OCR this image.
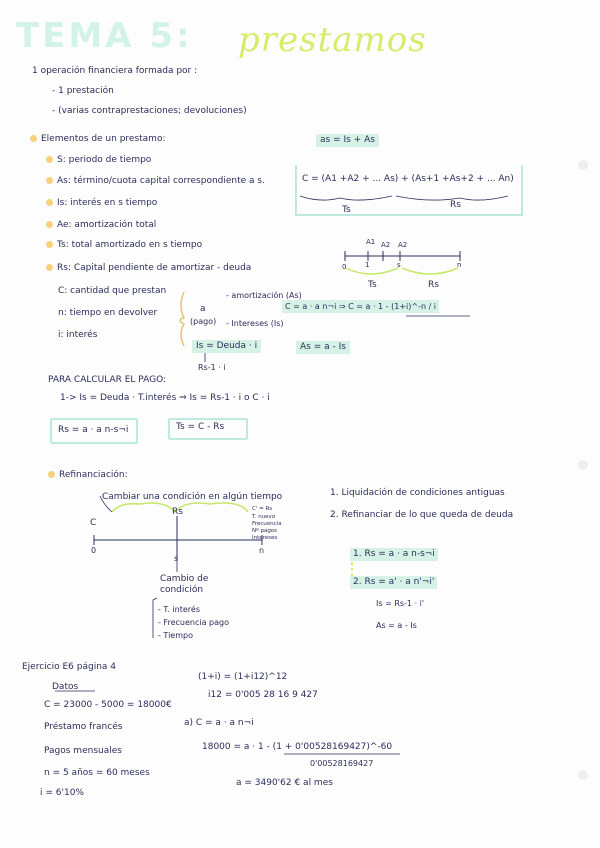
TEMA 5: prestamos
1 operación financiera formada por :
- 1 prestación
- (varias contraprestaciones; devoluciones)
Elementos de un prestamo:
S: periodo de tiempo
As: término/cuota capital correspondiente a s.
Is: interés en s tiempo
Ae: amortización total
Ts: total amortizado en s tiempo
Rs: Capital pendiente de amortizar - deuda
C: cantidad que prestan
n: tiempo en devolver
i: interés
as = Is + As
C = (A1 +A2 + ... As) + (As+1 +As+2 + ... An)
Ts	Rs
A1 A2 A2
0	1	s	n
Ts	Rs
a
(pago)
- amortización (As)
- Intereses (Is)
C = a · a n¬i ⇒ C = a · 1 - (1+i)^-n / i
Is = Deuda · i
Rs-1 · i
As = a - Is
PARA CALCULAR EL PAGO:
1-> Is = Deuda · T.interés ⇒ Is = Rs-1 · i o C · i
Rs = a · a n-s¬i	Ts = C - Rs
Refinanciación:
Cambiar una condición en algún tiempo
C
Rs	C' = Rs
T. nuevo
Frecuencia
Nº pagos
Intereses
0
s
n
Cambio de condición
- T. interés
- Frecuencia pago
- Tiempo
1. Liquidación de condiciones antiguas
2. Refinanciar de lo que queda de deuda
1. Rs = a · a n-s¬i
2. Rs = a' · a n'¬i'
Is = Rs-1 · i'
As = a - Is
Ejercicio E6 página 4
Datos
C = 23000 - 5000 = 18000€
Préstamo francés
Pagos mensuales
n = 5 años = 60 meses
i = 6'10%
(1+i) = (1+i12)^12
i12 = 0'005 28 16 9 427
a) C = a · a n¬i
18000 = a · 1 - (1 + 0'00528169427)^-60
0'00528169427
a = 3490'62 € al mes
